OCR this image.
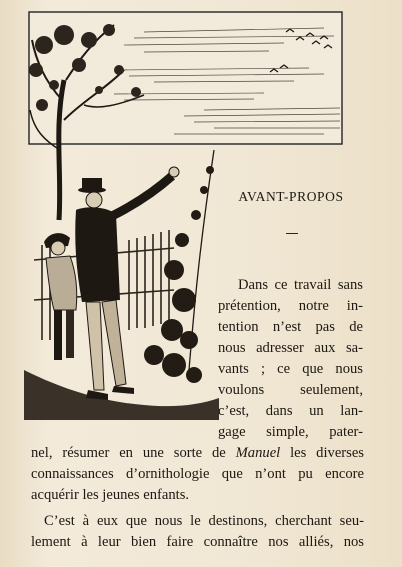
AVANT-PROPOS
Dans ce travail sans
prétention, notre in-
tention n’est pas de
nous adresser aux sa-
vants ; ce que nous
voulons seulement,
c’est, dans un lan-
gage simple, pater-
nel, résumer en une sorte de Manuel les diverses
connaissances d’ornithologie que n’ont pu encore
acquérir les jeunes enfants.
C’est à eux que nous le destinons, cherchant seu-
lement à leur bien faire connaître nos alliés, nos
